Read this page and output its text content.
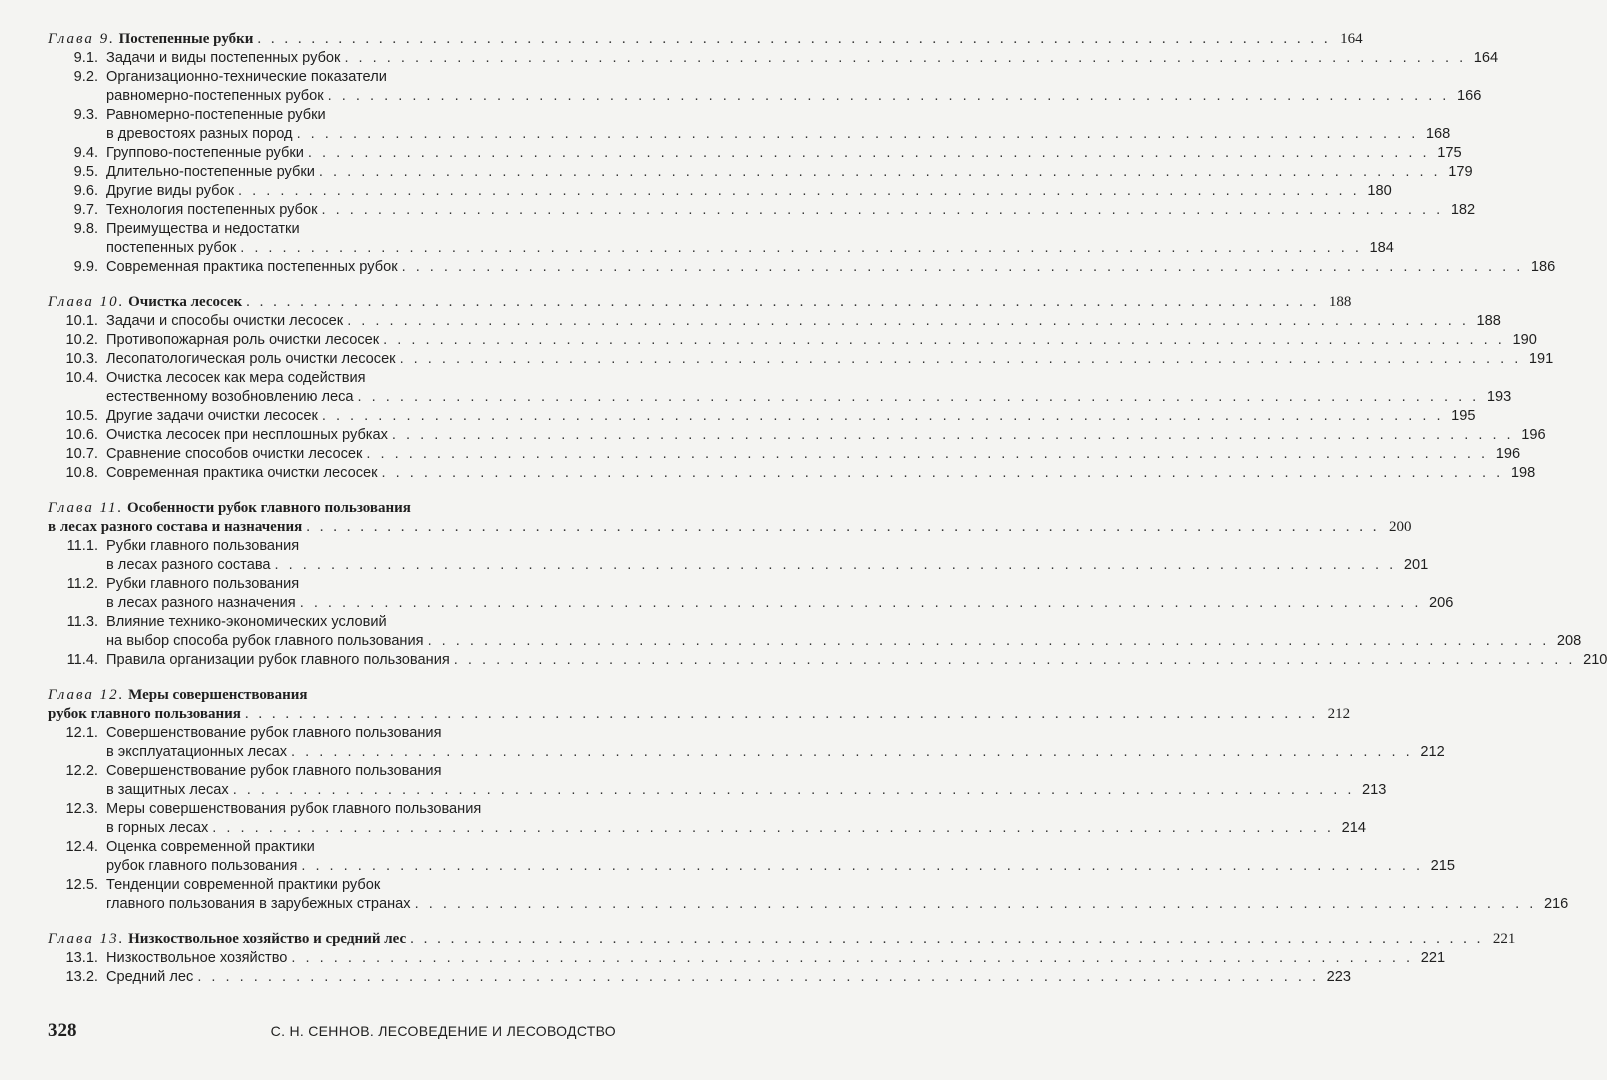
Глава 9. Постепенные рубки . . . . . . . . . . . . . . . . . . . . . . . . . . . . . . . . . . . . . . . . . . . . . . . . . . . . . . . . . . . . . . . . . . . . . . . . . . . . . . . . 164
9.1. Задачи и виды постепенных рубок . . . . . . . . . . . . . . . . . . . . . . . . . . . . . . . . . . . . . . . . . . . . . . . . . . . . . . . . . . . . . . . . . . . . . . . . . . . . . . . . 164
9.2. Организационно-технические показатели
равномерно-постепенных рубок . . . . . . . . . . . . . . . . . . . . . . . . . . . . . . . . . . . . . . . . . . . . . . . . . . . . . . . . . . . . . . . . . . . . . . . . . . . . . . . . 166
9.3. Равномерно-постепенные рубки
в древостоях разных пород . . . . . . . . . . . . . . . . . . . . . . . . . . . . . . . . . . . . . . . . . . . . . . . . . . . . . . . . . . . . . . . . . . . . . . . . . . . . . . . . 168
9.4. Группово-постепенные рубки . . . . . . . . . . . . . . . . . . . . . . . . . . . . . . . . . . . . . . . . . . . . . . . . . . . . . . . . . . . . . . . . . . . . . . . . . . . . . . . . 175
9.5. Длительно-постепенные рубки . . . . . . . . . . . . . . . . . . . . . . . . . . . . . . . . . . . . . . . . . . . . . . . . . . . . . . . . . . . . . . . . . . . . . . . . . . . . . . . . 179
9.6. Другие виды рубок . . . . . . . . . . . . . . . . . . . . . . . . . . . . . . . . . . . . . . . . . . . . . . . . . . . . . . . . . . . . . . . . . . . . . . . . . . . . . . . . 180
9.7. Технология постепенных рубок . . . . . . . . . . . . . . . . . . . . . . . . . . . . . . . . . . . . . . . . . . . . . . . . . . . . . . . . . . . . . . . . . . . . . . . . . . . . . . . . 182
9.8. Преимущества и недостатки
постепенных рубок . . . . . . . . . . . . . . . . . . . . . . . . . . . . . . . . . . . . . . . . . . . . . . . . . . . . . . . . . . . . . . . . . . . . . . . . . . . . . . . . 184
9.9. Современная практика постепенных рубок . . . . . . . . . . . . . . . . . . . . . . . . . . . . . . . . . . . . . . . . . . . . . . . . . . . . . . . . . . . . . . . . . . . . . . . . . . . . . . . . 186
Глава 10. Очистка лесосек . . . . . . . . . . . . . . . . . . . . . . . . . . . . . . . . . . . . . . . . . . . . . . . . . . . . . . . . . . . . . . . . . . . . . . . . . . . . . . . . 188
10.1. Задачи и способы очистки лесосек . . . . . . . . . . . . . . . . . . . . . . . . . . . . . . . . . . . . . . . . . . . . . . . . . . . . . . . . . . . . . . . . . . . . . . . . . . . . . . . . 188
10.2. Противопожарная роль очистки лесосек . . . . . . . . . . . . . . . . . . . . . . . . . . . . . . . . . . . . . . . . . . . . . . . . . . . . . . . . . . . . . . . . . . . . . . . . . . . . . . . . 190
10.3. Лесопатологическая роль очистки лесосек . . . . . . . . . . . . . . . . . . . . . . . . . . . . . . . . . . . . . . . . . . . . . . . . . . . . . . . . . . . . . . . . . . . . . . . . . . . . . . . . 191
10.4. Очистка лесосек как мера содействия
естественному возобновлению леса . . . . . . . . . . . . . . . . . . . . . . . . . . . . . . . . . . . . . . . . . . . . . . . . . . . . . . . . . . . . . . . . . . . . . . . . . . . . . . . . 193
10.5. Другие задачи очистки лесосек . . . . . . . . . . . . . . . . . . . . . . . . . . . . . . . . . . . . . . . . . . . . . . . . . . . . . . . . . . . . . . . . . . . . . . . . . . . . . . . . 195
10.6. Очистка лесосек при несплошных рубках . . . . . . . . . . . . . . . . . . . . . . . . . . . . . . . . . . . . . . . . . . . . . . . . . . . . . . . . . . . . . . . . . . . . . . . . . . . . . . . . 196
10.7. Сравнение способов очистки лесосек . . . . . . . . . . . . . . . . . . . . . . . . . . . . . . . . . . . . . . . . . . . . . . . . . . . . . . . . . . . . . . . . . . . . . . . . . . . . . . . . 196
10.8. Современная практика очистки лесосек . . . . . . . . . . . . . . . . . . . . . . . . . . . . . . . . . . . . . . . . . . . . . . . . . . . . . . . . . . . . . . . . . . . . . . . . . . . . . . . . 198
Глава 11. Особенности рубок главного пользования
в лесах разного состава и назначения . . . . . . . . . . . . . . . . . . . . . . . . . . . . . . . . . . . . . . . . . . . . . . . . . . . . . . . . . . . . . . . . . . . . . . . . . . . . . . . . 200
11.1. Рубки главного пользования
в лесах разного состава . . . . . . . . . . . . . . . . . . . . . . . . . . . . . . . . . . . . . . . . . . . . . . . . . . . . . . . . . . . . . . . . . . . . . . . . . . . . . . . . 201
11.2. Рубки главного пользования
в лесах разного назначения . . . . . . . . . . . . . . . . . . . . . . . . . . . . . . . . . . . . . . . . . . . . . . . . . . . . . . . . . . . . . . . . . . . . . . . . . . . . . . . . 206
11.3. Влияние технико-экономических условий
на выбор способа рубок главного пользования . . . . . . . . . . . . . . . . . . . . . . . . . . . . . . . . . . . . . . . . . . . . . . . . . . . . . . . . . . . . . . . . . . . . . . . . . . . . . . . . 208
11.4. Правила организации рубок главного пользования . . . . . . . . . . . . . . . . . . . . . . . . . . . . . . . . . . . . . . . . . . . . . . . . . . . . . . . . . . . . . . . . . . . . . . . . . . . . . . . . 210
Глава 12. Меры совершенствования
рубок главного пользования . . . . . . . . . . . . . . . . . . . . . . . . . . . . . . . . . . . . . . . . . . . . . . . . . . . . . . . . . . . . . . . . . . . . . . . . . . . . . . . . 212
12.1. Совершенствование рубок главного пользования
в эксплуатационных лесах . . . . . . . . . . . . . . . . . . . . . . . . . . . . . . . . . . . . . . . . . . . . . . . . . . . . . . . . . . . . . . . . . . . . . . . . . . . . . . . . 212
12.2. Совершенствование рубок главного пользования
в защитных лесах . . . . . . . . . . . . . . . . . . . . . . . . . . . . . . . . . . . . . . . . . . . . . . . . . . . . . . . . . . . . . . . . . . . . . . . . . . . . . . . . 213
12.3. Меры совершенствования рубок главного пользования
в горных лесах . . . . . . . . . . . . . . . . . . . . . . . . . . . . . . . . . . . . . . . . . . . . . . . . . . . . . . . . . . . . . . . . . . . . . . . . . . . . . . . . 214
12.4. Оценка современной практики
рубок главного пользования . . . . . . . . . . . . . . . . . . . . . . . . . . . . . . . . . . . . . . . . . . . . . . . . . . . . . . . . . . . . . . . . . . . . . . . . . . . . . . . . 215
12.5. Тенденции современной практики рубок
главного пользования в зарубежных странах . . . . . . . . . . . . . . . . . . . . . . . . . . . . . . . . . . . . . . . . . . . . . . . . . . . . . . . . . . . . . . . . . . . . . . . . . . . . . . . . 216
Глава 13. Низкоствольное хозяйство и средний лес . . . . . . . . . . . . . . . . . . . . . . . . . . . . . . . . . . . . . . . . . . . . . . . . . . . . . . . . . . . . . . . . . . . . . . . . . . . . . . . . 221
13.1. Низкоствольное хозяйство . . . . . . . . . . . . . . . . . . . . . . . . . . . . . . . . . . . . . . . . . . . . . . . . . . . . . . . . . . . . . . . . . . . . . . . . . . . . . . . . 221
13.2. Средний лес . . . . . . . . . . . . . . . . . . . . . . . . . . . . . . . . . . . . . . . . . . . . . . . . . . . . . . . . . . . . . . . . . . . . . . . . . . . . . . . . 223
328	С. Н. СЕННОВ. ЛЕСОВЕДЕНИЕ И ЛЕСОВОДСТВО
